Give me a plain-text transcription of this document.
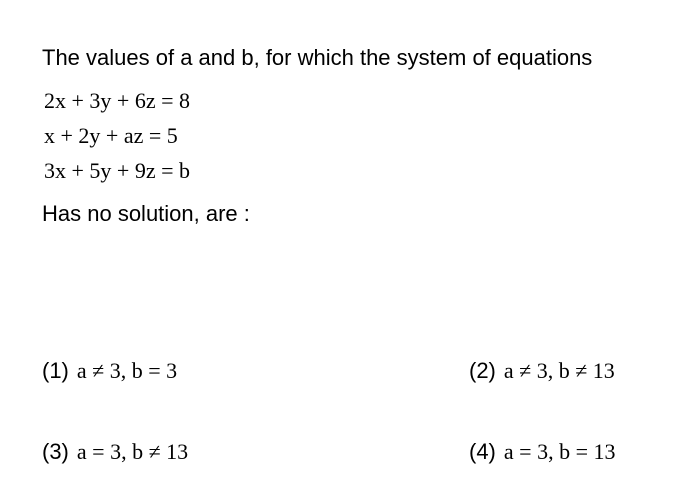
The values of a and b, for which the system of equations
2x + 3y + 6z = 8
x + 2y + az = 5
3x + 5y + 9z = b
Has no solution, are :
(1) a ≠ 3, b = 3	(2) a ≠ 3, b ≠ 13
(3) a = 3, b ≠ 13	(4) a = 3, b = 13
